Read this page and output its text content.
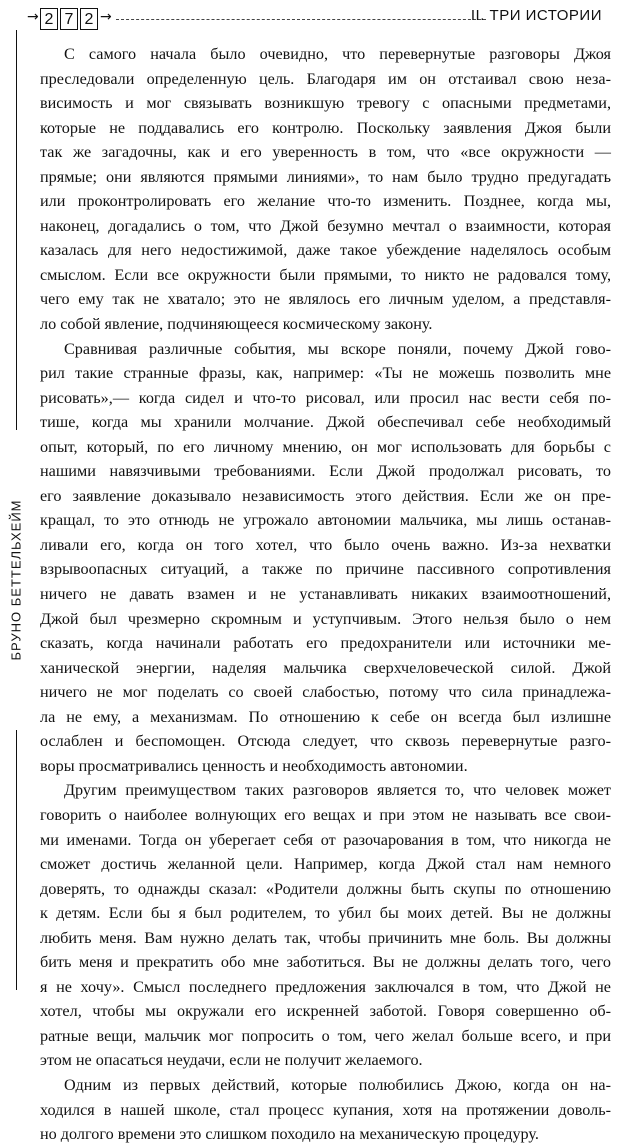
→ 2 7 2 →	II. ТРИ ИСТОРИИ
БРУНО БЕТТЕЛЬХЕЙМ

С самого начала было очевидно, что перевернутые разговоры Джоя
преследовали определенную цель. Благодаря им он отстаивал свою неза-
висимость и мог связывать возникшую тревогу с опасными предметами,
которые не поддавались его контролю. Поскольку заявления Джоя были
так же загадочны, как и его уверенность в том, что «все окружности —
прямые; они являются прямыми линиями», то нам было трудно предугадать
или проконтролировать его желание что-то изменить. Позднее, когда мы,
наконец, догадались о том, что Джой безумно мечтал о взаимности, которая
казалась для него недостижимой, даже такое убеждение наделялось особым
смыслом. Если все окружности были прямыми, то никто не радовался тому,
чего ему так не хватало; это не являлось его личным уделом, а представля-
ло собой явление, подчиняющееся космическому закону.

Сравнивая различные события, мы вскоре поняли, почему Джой гово-
рил такие странные фразы, как, например: «Ты не можешь позволить мне
рисовать»,— когда сидел и что-то рисовал, или просил нас вести себя по-
тише, когда мы хранили молчание. Джой обеспечивал себе необходимый
опыт, который, по его личному мнению, он мог использовать для борьбы с
нашими навязчивыми требованиями. Если Джой продолжал рисовать, то
его заявление доказывало независимость этого действия. Если же он пре-
кращал, то это отнюдь не угрожало автономии мальчика, мы лишь останав-
ливали его, когда он того хотел, что было очень важно. Из-за нехватки
взрывоопасных ситуаций, а также по причине пассивного сопротивления
ничего не давать взамен и не устанавливать никаких взаимоотношений,
Джой был чрезмерно скромным и уступчивым. Этого нельзя было о нем
сказать, когда начинали работать его предохранители или источники ме-
ханической энергии, наделяя мальчика сверхчеловеческой силой. Джой
ничего не мог поделать со своей слабостью, потому что сила принадлежа-
ла не ему, а механизмам. По отношению к себе он всегда был излишне
ослаблен и беспомощен. Отсюда следует, что сквозь перевернутые разго-
воры просматривались ценность и необходимость автономии.

Другим преимуществом таких разговоров является то, что человек может
говорить о наиболее волнующих его вещах и при этом не называть все свои-
ми именами. Тогда он уберегает себя от разочарования в том, что никогда не
сможет достичь желанной цели. Например, когда Джой стал нам немного
доверять, то однажды сказал: «Родители должны быть скупы по отношению
к детям. Если бы я был родителем, то убил бы моих детей. Вы не должны
любить меня. Вам нужно делать так, чтобы причинить мне боль. Вы должны
бить меня и прекратить обо мне заботиться. Вы не должны делать того, чего
я не хочу». Смысл последнего предложения заключался в том, что Джой не
хотел, чтобы мы окружали его искренней заботой. Говоря совершенно об-
ратные вещи, мальчик мог попросить о том, чего желал больше всего, и при
этом не опасаться неудачи, если не получит желаемого.

Одним из первых действий, которые полюбились Джою, когда он на-
ходился в нашей школе, стал процесс купания, хотя на протяжении доволь-
но долгого времени это слишком походило на механическую процедуру.
